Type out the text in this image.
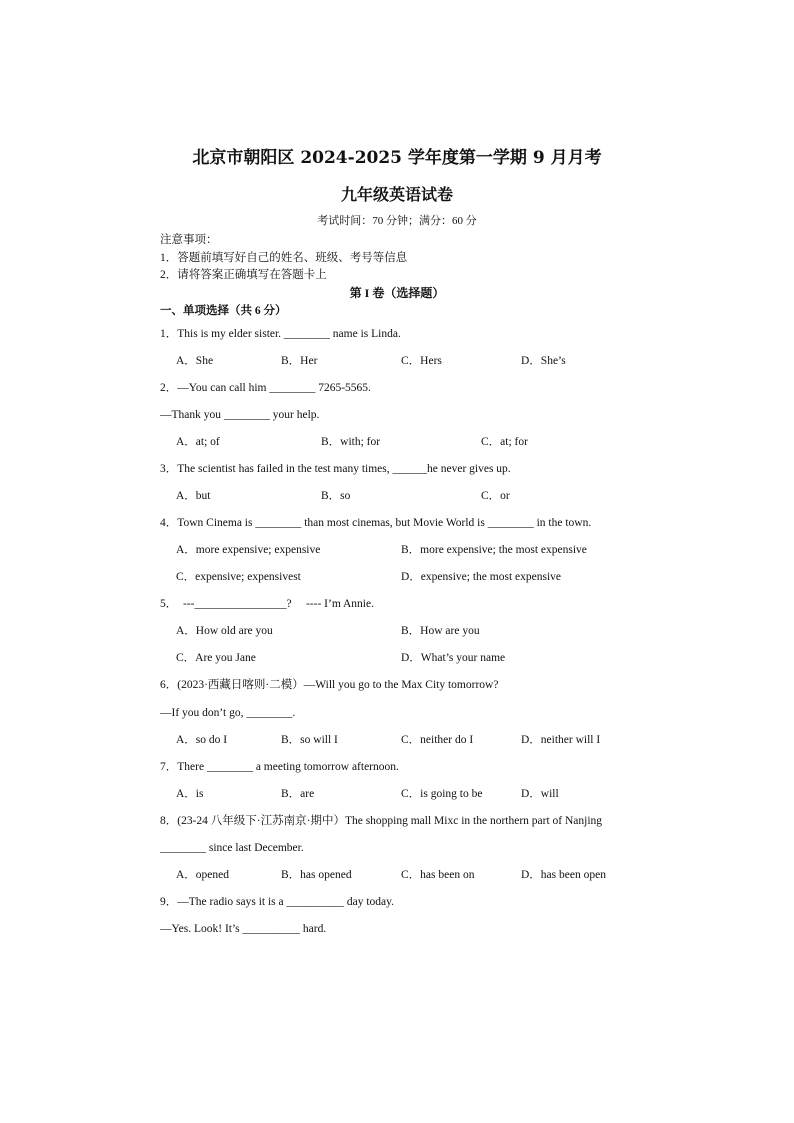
北京市朝阳区 2024-2025 学年度第一学期 9 月月考
九年级英语试卷
考试时间：70 分钟；满分：60 分
注意事项：
1．答题前填写好自己的姓名、班级、考号等信息
2．请将答案正确填写在答题卡上
第 I 卷（选择题）
一、单项选择（共 6 分）
1．This is my elder sister. ________ name is Linda.
A．She	B．Her	C．Hers	D．She’s
2．—You can call him ________ 7265-5565.
—Thank you ________ your help.
A．at; of	B．with; for	C．at; for
3．The scientist has failed in the test many times, ______he never gives up.
A．but	B．so	C．or
4．Town Cinema is ________ than most cinemas, but Movie World is ________ in the town.
A．more expensive; expensive	B．more expensive; the most expensive
C．expensive; expensivest	D．expensive; the most expensive
5．  ---________________?     ---- I’m Annie.
A．How old are you	B．How are you
C．Are you Jane	D．What’s your name
6．(2023·西藏日喀则·二模）—Will you go to the Max City tomorrow?
—If you don’t go, ________.
A．so do I	B．so will I	C．neither do I	D．neither will I
7．There ________ a meeting tomorrow afternoon.
A．is	B．are	C．is going to be	D．will
8．(23-24 八年级下·江苏南京·期中）The shopping mall Mixc in the northern part of Nanjing
________ since last December.
A．opened	B．has opened	C．has been on	D．has been open
9．—The radio says it is a __________ day today.
—Yes. Look! It’s __________ hard.
